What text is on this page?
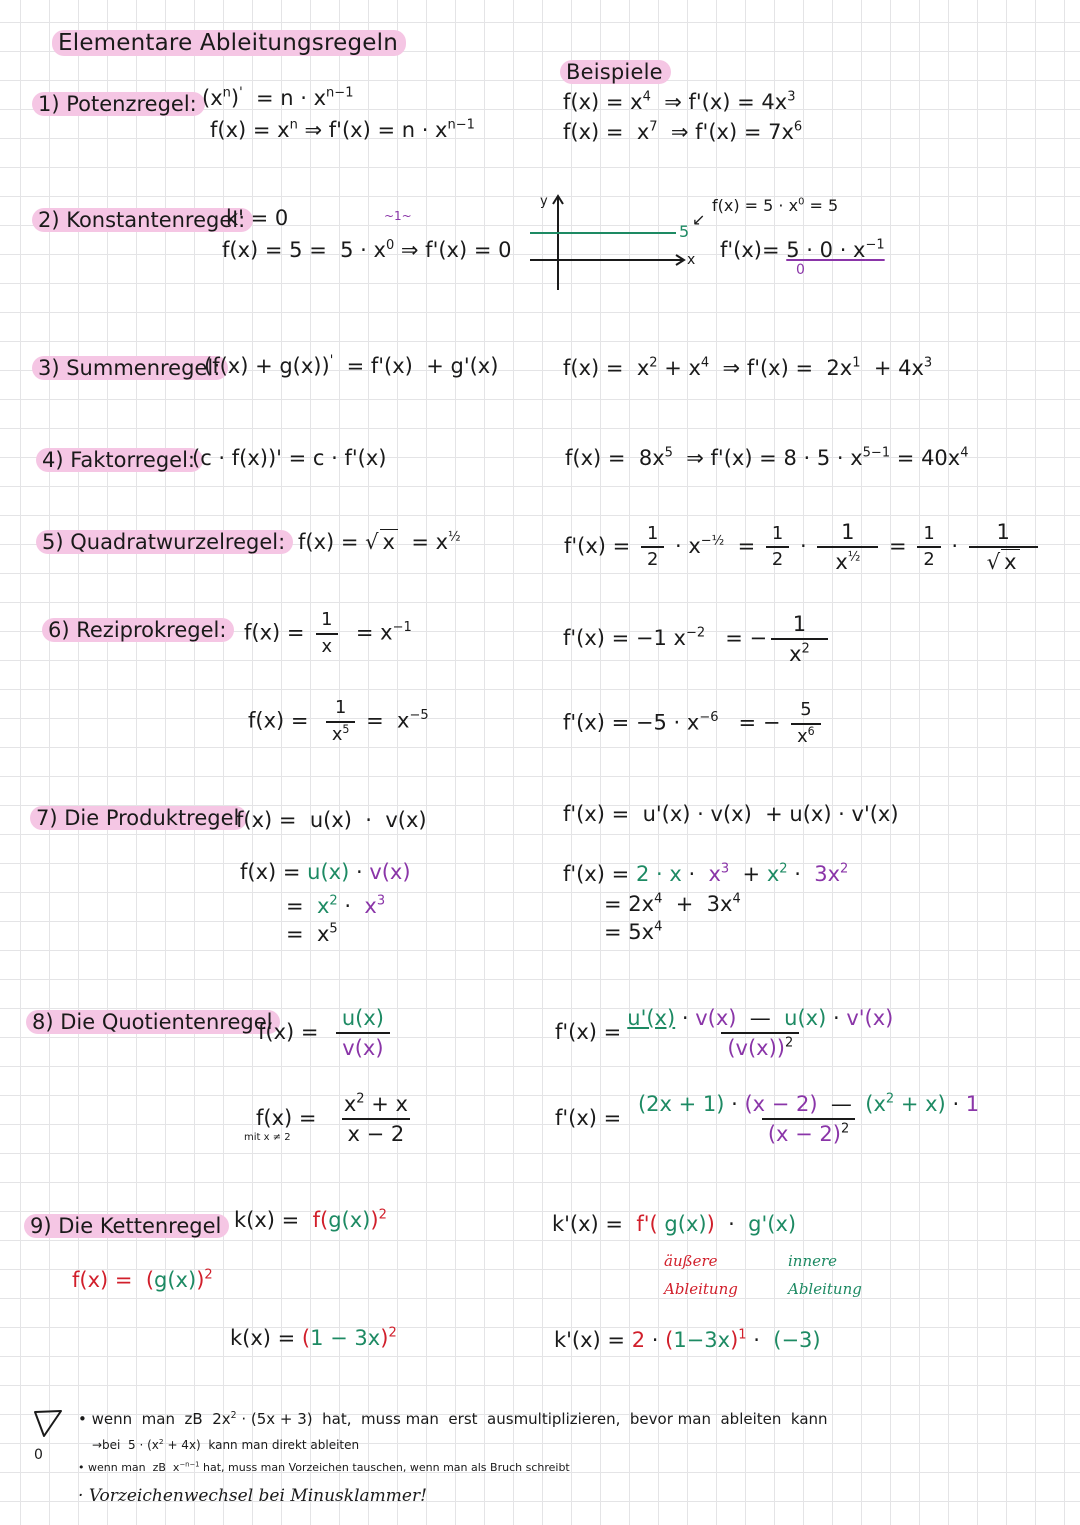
Elementare Ableitungsregeln
Beispiele
1) Potenzregel: $(x^n)' = n \cdot x^{n-1}$
$f(x) = x^n$ ⇒ $f'(x) = n \cdot x^{n-1}$
$f(x) = x^4$  ⇒ $f'(x) = 4x^3$
$f(x) = x^7$  ⇒ $f'(x) = 7x^6$
2) Konstantenregel:
k' = 0
$f(x) = 5 = 5 \cdot x^{0 \sim 1\sim}$
⇒ f'(x) = 0
y
x
5
↙
$f(x) = 5 \cdot x^0 = 5$
$f'(x)= 5 \cdot 0 \cdot x^{-1}$
0
3) Summenregel:
(f(x) + g(x))'  = f'(x)  + g'(x)	$f(x) = x^2 + x^4$  ⇒ $f'(x) = 2x^1 + 4x^3$
4) Faktorregel:
(c · f(x))' = c · f'(x)	$f(x) = 8x^5$  ⇒ $f'(x) = 8 \cdot 5 \cdot x^{5-1} = 40x^4$
5) Quadratwurzelregel: f(x) = √ $x = x^{\frac{1}{2}}$	$f'(x) = \frac{1}{2} \cdot x^{-\frac{1}{2}} = \frac{1}{2} \cdot \frac{1}{x^{\frac{1}{2}}} = \frac{1}{2} \cdot \frac{1}{√ x}$
6) Reziprokregel: $f(x) = \frac{1}{x} = x^{-1}$	f'(x) = −1 $x^{-2}$   = − $\frac{1}{x^2}$
$f(x) = \frac{1}{x^5} = x^{-5}$	$f'(x) = -5 \cdot x^{-6}$   = − $\frac{5}{x^6}$
7) Die Produktregel
f(x) =  u(x)  ·  v(x)	f'(x) =  u'(x) · v(x)  + u(x) · v'(x)
f(x) = u(x) · v(x)
=  $x^2 \cdot x^3$
=  $x^5$
$f'(x) = 2 \cdot x \cdot x^3 + x^2 \cdot 3x^2$
= $2x^4 + 3x^4$
= $5x^4$
8) Die Quotientenregel
$f(x) = \frac{u(x)}{v(x)}$	$f'(x) = \frac{u'(x) \cdot v(x) — u(x) \cdot v'(x)}{(v(x))^2}$
$f(x) = \frac{x^2 + x}{x - 2}$
mit x ≠ 2
$f'(x) = \frac{(2x + 1) \cdot (x - 2) — (x^2 + x) \cdot 1}{(x - 2)^2}$
9) Die Kettenregel $k(x) = f(g(x))^2$
$f(x) = (g(x))^2$
$k(x) = (1 - 3x)^2$
k'(x) =  f'( g(x))  ·  g'(x)
äußere
Ableitung
innere
Ableitung
$k'(x) = 2 \cdot (1-3x)^1 \cdot (-3)$
0
• wenn  man  zB  $2x^2 \cdot (5x + 3)$  hat,  muss man  erst  ausmultiplizieren,  bevor man  ableiten  kann
→bei  $5 \cdot (x^2 + 4x)$  kann man direkt ableiten
• wenn man  zB  $x^{-n-1}$ hat, muss man Vorzeichen tauschen, wenn man als Bruch schreibt
· Vorzeichenwechsel bei Minusklammer!
